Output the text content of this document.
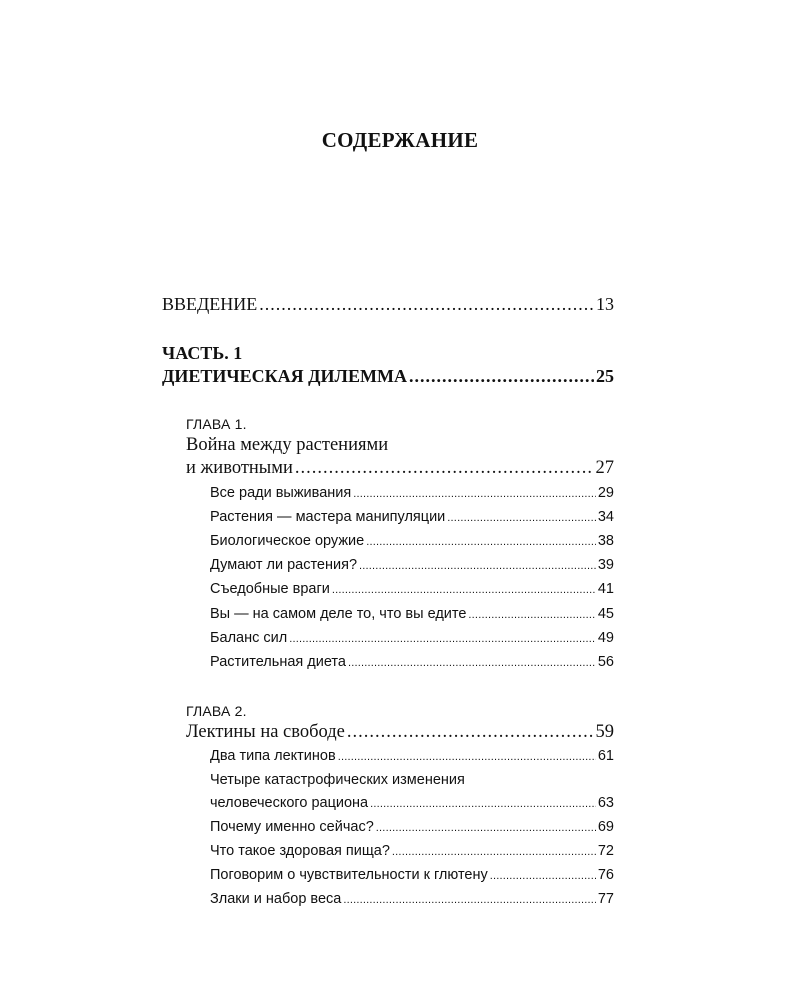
СОДЕРЖАНИЕ
ВВЕДЕНИЕ .....	13
ЧАСТЬ. 1
ДИЕТИЧЕСКАЯ ДИЛЕММА .....	25
ГЛАВА 1.
Война между растениями
и животными .....	27
Все ради выживания .....	29
Растения — мастера манипуляции .....	34
Биологическое оружие .....	38
Думают ли растения? .....	39
Съедобные враги .....	41
Вы — на самом деле то, что вы едите .....	45
Баланс сил .....	49
Растительная диета .....	56
ГЛАВА 2.
Лектины на свободе .....	59
Два типа лектинов .....	61
Четыре катастрофических изменения
человеческого рациона .....	63
Почему именно сейчас? .....	69
Что такое здоровая пища? .....	72
Поговорим о чувствительности к глютену .....	76
Злаки и набор веса .....	77
